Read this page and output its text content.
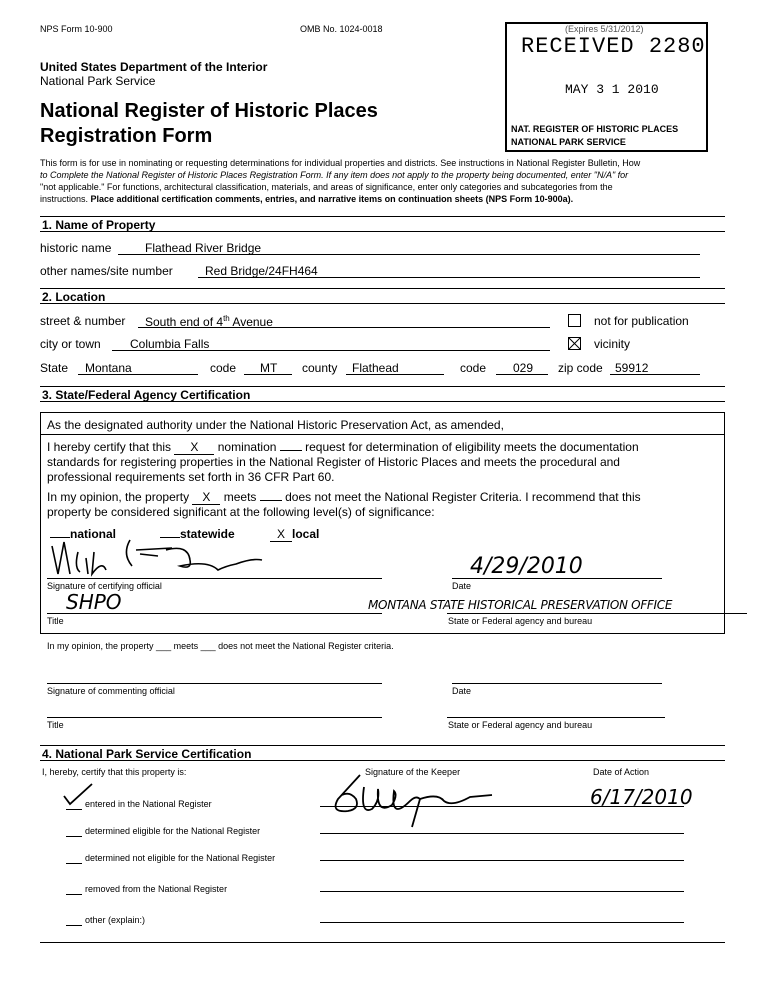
NPS Form 10-900	OMB No. 1024-0018	(Expires 5/31/2012)
United States Department of the Interior
National Park Service
National Register of Historic Places
Registration Form
RECEIVED 2280
MAY 3 1 2010
NAT. REGISTER OF HISTORIC PLACES
NATIONAL PARK SERVICE
This form is for use in nominating or requesting determinations for individual properties and districts. See instructions in National Register Bulletin, How
to Complete the National Register of Historic Places Registration Form. If any item does not apply to the property being documented, enter "N/A" for
"not applicable." For functions, architectural classification, materials, and areas of significance, enter only categories and subcategories from the
instructions. Place additional certification comments, entries, and narrative items on continuation sheets (NPS Form 10-900a).
1. Name of Property
historic name	Flathead River Bridge
other names/site number	Red Bridge/24FH464
2. Location
street & number South end of 4th Avenue	not for publication
city or town Columbia Falls	vicinity
State Montana	code MT county Flathead	code 029 zip code 59912
3. State/Federal Agency Certification
As the designated authority under the National Historic Preservation Act, as amended,
I hereby certify that this X nomination  request for determination of eligibility meets the documentation
standards for registering properties in the National Register of Historic Places and meets the procedural and
professional requirements set forth in 36 CFR Part 60.
In my opinion, the property X meets  does not meet the National Register Criteria. I recommend that this
property be considered significant at the following level(s) of significance:
national	statewide	X local
Signature of certifying official
4/29/2010
Date
SHPO
Title
MONTANA STATE HISTORICAL PRESERVATION OFFICE
State or Federal agency and bureau
In my opinion, the property ___ meets ___ does not meet the National Register criteria.
Signature of commenting official	Date
Title	State or Federal agency and bureau
4. National Park Service Certification
I, hereby, certify that this property is:	Signature of the Keeper	Date of Action
6/17/2010
entered in the National Register
determined eligible for the National Register
determined not eligible for the National Register
removed from the National Register
other (explain:)
